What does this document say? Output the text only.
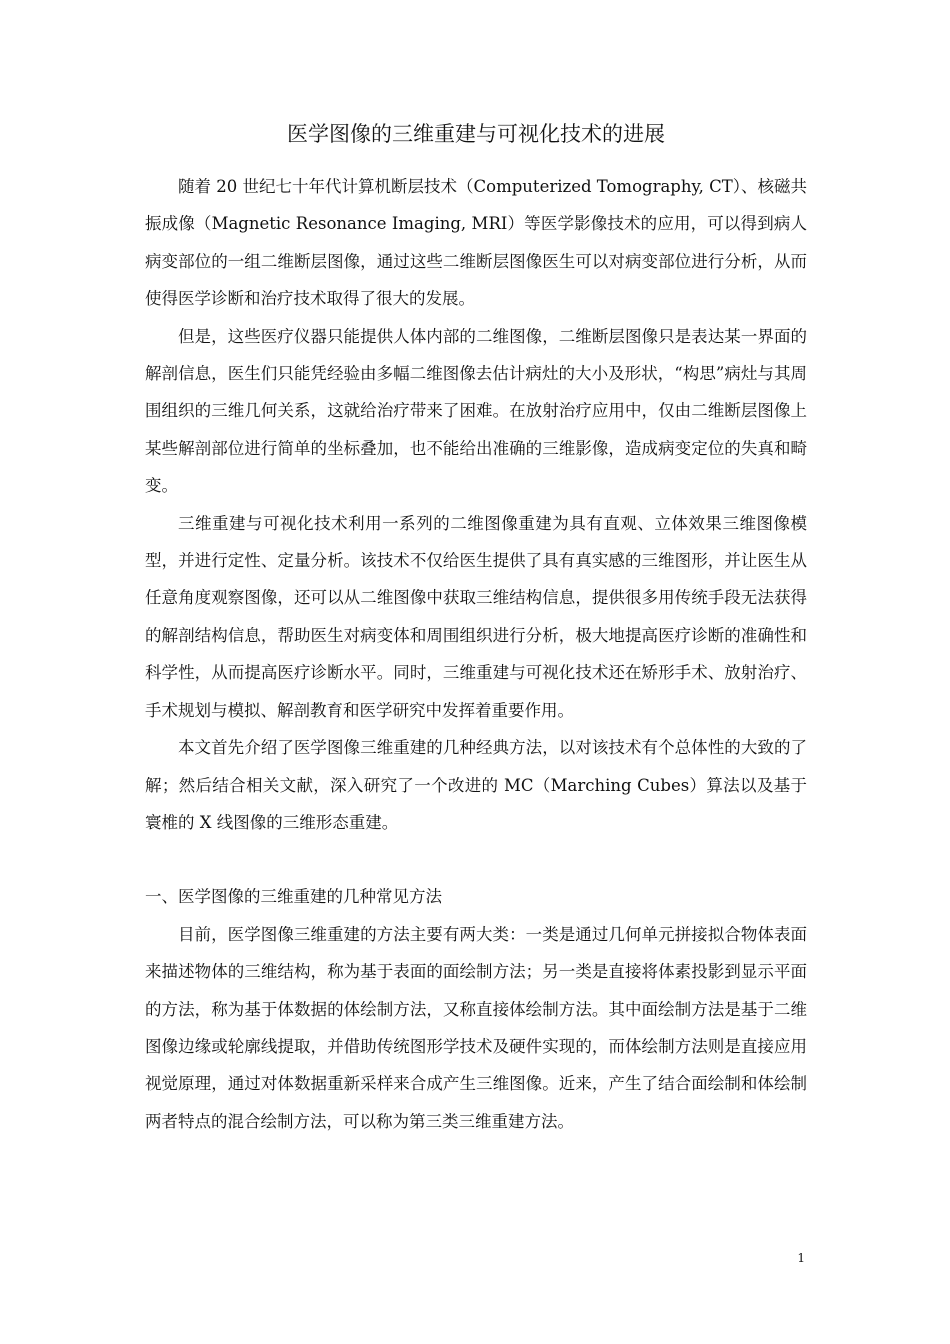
医学图像的三维重建与可视化技术的进展

随着 20 世纪七十年代计算机断层技术（Computerized Tomography, CT）、核磁共振成像（Magnetic Resonance Imaging, MRI）等医学影像技术的应用，可以得到病人病变部位的一组二维断层图像，通过这些二维断层图像医生可以对病变部位进行分析，从而使得医学诊断和治疗技术取得了很大的发展。

但是，这些医疗仪器只能提供人体内部的二维图像，二维断层图像只是表达某一界面的解剖信息，医生们只能凭经验由多幅二维图像去估计病灶的大小及形状，“构思”病灶与其周围组织的三维几何关系，这就给治疗带来了困难。在放射治疗应用中，仅由二维断层图像上某些解剖部位进行简单的坐标叠加，也不能给出准确的三维影像，造成病变定位的失真和畸变。

三维重建与可视化技术利用一系列的二维图像重建为具有直观、立体效果三维图像模型，并进行定性、定量分析。该技术不仅给医生提供了具有真实感的三维图形，并让医生从任意角度观察图像，还可以从二维图像中获取三维结构信息，提供很多用传统手段无法获得的解剖结构信息，帮助医生对病变体和周围组织进行分析，极大地提高医疗诊断的准确性和科学性，从而提高医疗诊断水平。同时，三维重建与可视化技术还在矫形手术、放射治疗、手术规划与模拟、解剖教育和医学研究中发挥着重要作用。

本文首先介绍了医学图像三维重建的几种经典方法，以对该技术有个总体性的大致的了解；然后结合相关文献，深入研究了一个改进的 MC（Marching Cubes）算法以及基于寰椎的 X 线图像的三维形态重建。

一、医学图像的三维重建的几种常见方法

目前，医学图像三维重建的方法主要有两大类：一类是通过几何单元拼接拟合物体表面来描述物体的三维结构，称为基于表面的面绘制方法；另一类是直接将体素投影到显示平面的方法，称为基于体数据的体绘制方法，又称直接体绘制方法。其中面绘制方法是基于二维图像边缘或轮廓线提取，并借助传统图形学技术及硬件实现的，而体绘制方法则是直接应用视觉原理，通过对体数据重新采样来合成产生三维图像。近来，产生了结合面绘制和体绘制两者特点的混合绘制方法，可以称为第三类三维重建方法。

1
